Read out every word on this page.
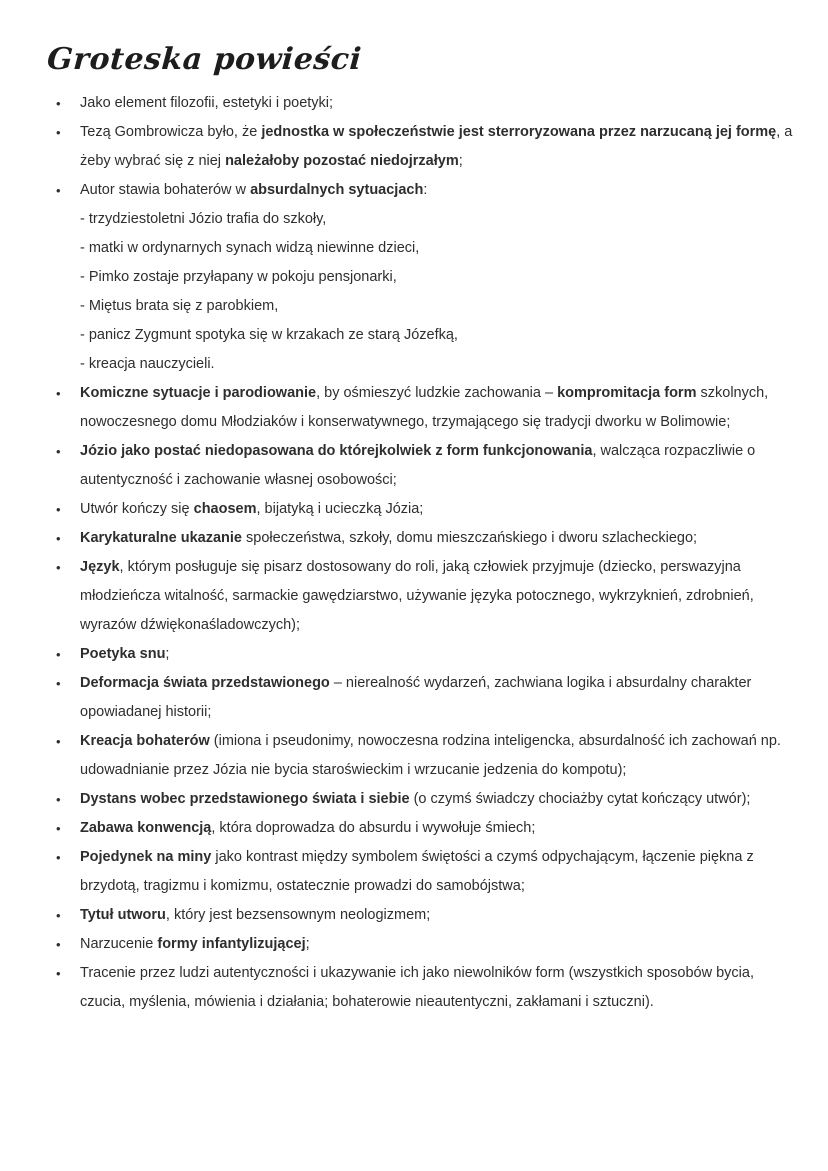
Groteska powieści
• Jako element filozofii, estetyki i poetyki;
• Tezą Gombrowicza było, że jednostka w społeczeństwie jest sterroryzowana przez narzucaną jej formę, a żeby wybrać się z niej należałoby pozostać niedojrzałym;
• Autor stawia bohaterów w absurdalnych sytuacjach:
- trzydziestoletni Józio trafia do szkoły,
- matki w ordynarnych synach widzą niewinne dzieci,
- Pimko zostaje przyłapany w pokoju pensjonarki,
- Miętus brata się z parobkiem,
- panicz Zygmunt spotyka się w krzakach ze starą Józefką,
- kreacja nauczycieli.
• Komiczne sytuacje i parodiowanie, by ośmieszyć ludzkie zachowania – kompromitacja form szkolnych, nowoczesnego domu Młodziaków i konserwatywnego, trzymającego się tradycji dworku w Bolimowie;
• Józio jako postać niedopasowana do którejkolwiek z form funkcjonowania, walcząca rozpaczliwie o autentyczność i zachowanie własnej osobowości;
• Utwór kończy się chaosem, bijatyką i ucieczką Józia;
• Karykaturalne ukazanie społeczeństwa, szkoły, domu mieszczańskiego i dworu szlacheckiego;
• Język, którym posługuje się pisarz dostosowany do roli, jaką człowiek przyjmuje (dziecko, perswazyjna młodzieńcza witalność, sarmackie gawędziarstwo, używanie języka potocznego, wykrzyknień, zdrobnień, wyrazów dźwiękonaśladowczych);
• Poetyka snu;
• Deformacja świata przedstawionego – nierealność wydarzeń, zachwiana logika i absurdalny charakter opowiadanej historii;
• Kreacja bohaterów (imiona i pseudonimy, nowoczesna rodzina inteligencka, absurdalność ich zachowań np. udowadnianie przez Józia nie bycia staroświeckim i wrzucanie jedzenia do kompotu);
• Dystans wobec przedstawionego świata i siebie (o czymś świadczy chociażby cytat kończący utwór);
• Zabawa konwencją, która doprowadza do absurdu i wywołuje śmiech;
• Pojedynek na miny jako kontrast między symbolem świętości a czymś odpychającym, łączenie piękna z brzydotą, tragizmu i komizmu, ostatecznie prowadzi do samobójstwa;
• Tytuł utworu, który jest bezsensownym neologizmem;
• Narzucenie formy infantylizującej;
• Tracenie przez ludzi autentyczności i ukazywanie ich jako niewolników form (wszystkich sposobów bycia, czucia, myślenia, mówienia i działania; bohaterowie nieautentyczni, zakłamani i sztuczni).
